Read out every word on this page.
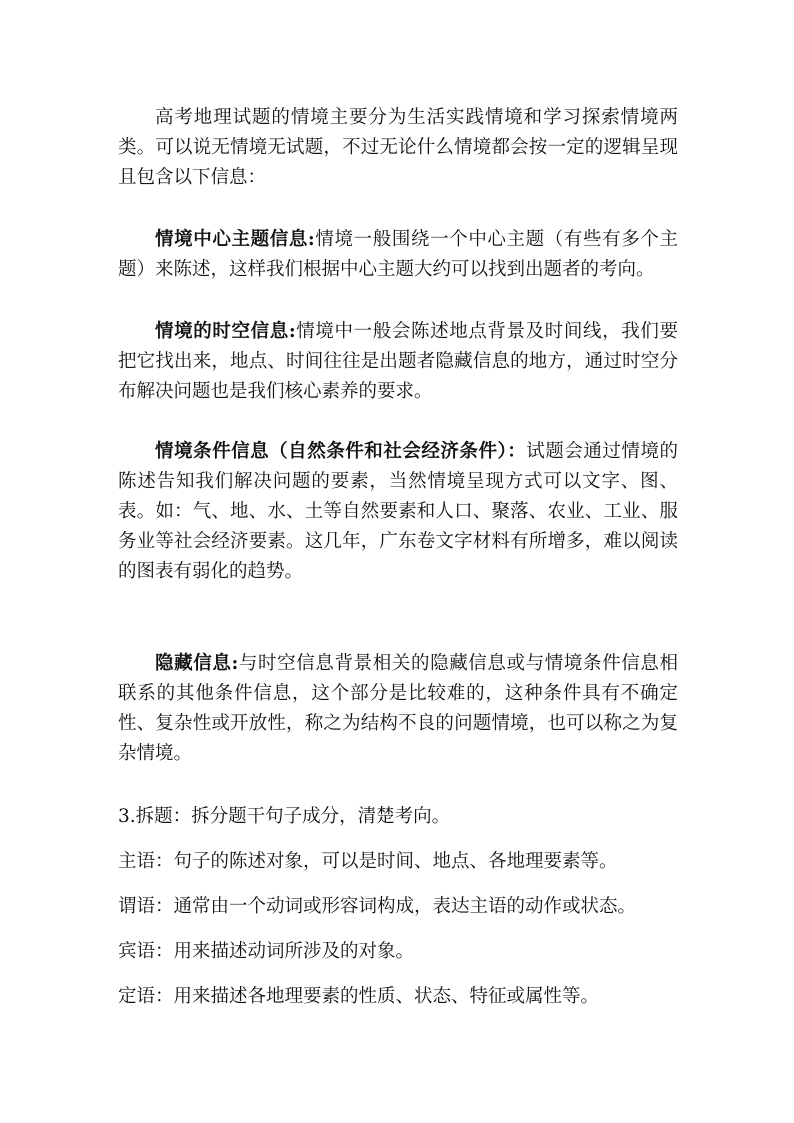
高考地理试题的情境主要分为生活实践情境和学习探索情境两类。可以说无情境无试题，不过无论什么情境都会按一定的逻辑呈现且包含以下信息：

情境中心主题信息:情境一般围绕一个中心主题（有些有多个主题）来陈述，这样我们根据中心主题大约可以找到出题者的考向。

情境的时空信息:情境中一般会陈述地点背景及时间线，我们要把它找出来，地点、时间往往是出题者隐藏信息的地方，通过时空分布解决问题也是我们核心素养的要求。

情境条件信息（自然条件和社会经济条件）：试题会通过情境的陈述告知我们解决问题的要素，当然情境呈现方式可以文字、图、表。如：气、地、水、土等自然要素和人口、聚落、农业、工业、服务业等社会经济要素。这几年，广东卷文字材料有所增多，难以阅读的图表有弱化的趋势。

隐藏信息:与时空信息背景相关的隐藏信息或与情境条件信息相联系的其他条件信息，这个部分是比较难的，这种条件具有不确定性、复杂性或开放性，称之为结构不良的问题情境，也可以称之为复杂情境。

3.拆题：拆分题干句子成分，清楚考向。

主语：句子的陈述对象，可以是时间、地点、各地理要素等。

谓语：通常由一个动词或形容词构成，表达主语的动作或状态。

宾语：用来描述动词所涉及的对象。

定语：用来描述各地理要素的性质、状态、特征或属性等。
